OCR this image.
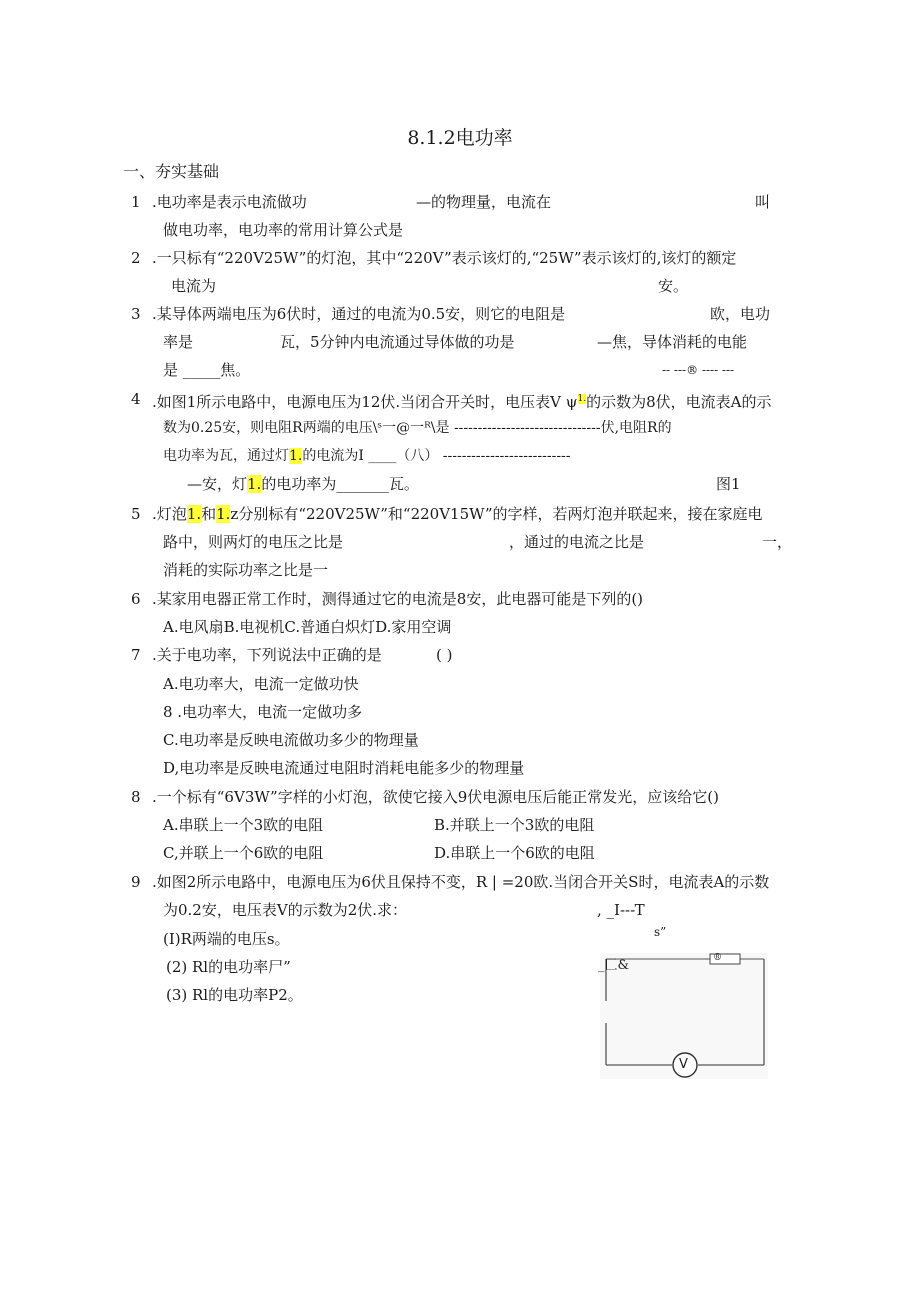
8.1.2电功率
一、夯实基础
1 .电功率是表示电流做功	—的物理量，电流在	叫
做电功率，电功率的常用计算公式是
2 .一只标有“220V25W”的灯泡，其中“220V”表示该灯的,“25W”表示该灯的,该灯的额定
电流为	安。
3 .某导体两端电压为6伏时，通过的电流为0.5安，则它的电阻是	欧，电功
率是	瓦，5分钟内电流通过导体做的功是	—焦，导体消耗的电能
是 _____焦。	-- ---® ---- ---
4 .如图1所示电路中，电源电压为12伏.当闭合开关时，电压表V $\psi^{1.}$的示数为8伏，电流表A的示
数为0.25安，则电阻R两端的电压\ˢ一@一ᴿ\是 -------------------------------伏,电阻R的
电功率为瓦，通过灯1.的电流为I ____（八） ---------------------------
—安，灯1.的电功率为_______瓦。	图1
5 .灯泡1.和1.z分别标有“220V25W”和“220V15W”的字样，若两灯泡并联起来，接在家庭电
路中，则两灯的电压之比是	，通过的电流之比是	一，
消耗的实际功率之比是一
6 .某家用电器正常工作时，测得通过它的电流是8安，此电器可能是下列的()
A.电风扇B.电视机C.普通白炽灯D.家用空调
7 .关于电功率，下列说法中正确的是	( )
A.电功率大，电流一定做功快
8 .电功率大，电流一定做功多
C.电功率是反映电流做功多少的物理量
D,电功率是反映电流通过电阻时消耗电能多少的物理量
8 .一个标有“6V3W”字样的小灯泡，欲使它接入9伏电源电压后能正常发光，应该给它()
A.串联上一个3欧的电阻	B.并联上一个3欧的电阻
C,并联上一个6欧的电阻	D.串联上一个6欧的电阻
9 .如图2所示电路中，电源电压为6伏且保持不变，R | =20欧.当闭合开关S时，电流表A的示数
为0.2安，电压表V的示数为2伏.求：	, _I---T
(I)R两端的电压s。
(2) Rl的电功率尸”
(3) Rl的电功率P2。
s”
_匚&	®
V
